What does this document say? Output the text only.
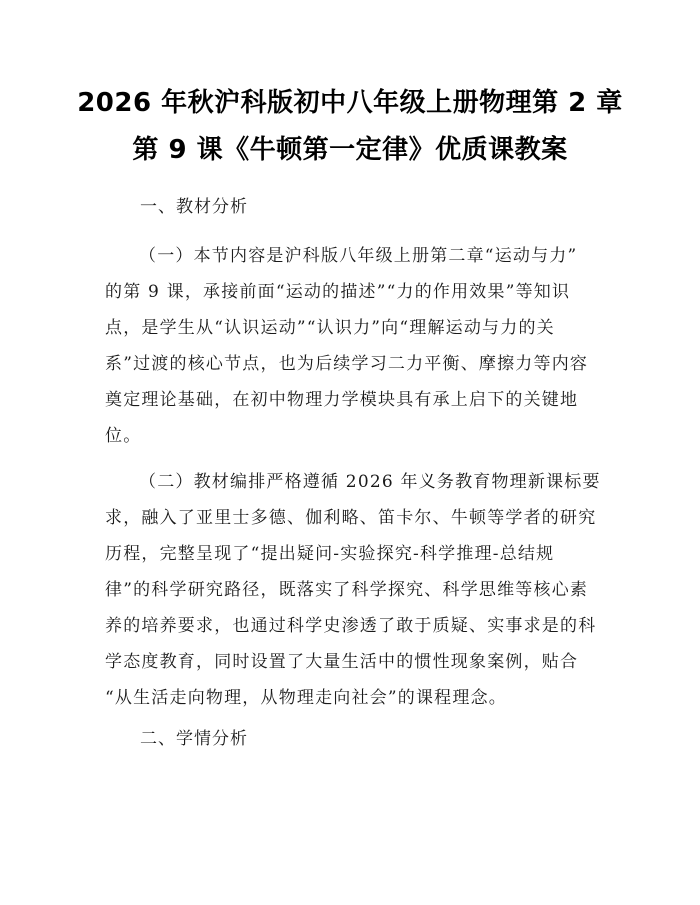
2026 年秋沪科版初中八年级上册物理第 2 章
第 9 课《牛顿第一定律》优质课教案
一、教材分析
（一）本节内容是沪科版八年级上册第二章“运动与力”
的第 9 课，承接前面“运动的描述”“力的作用效果”等知识
点，是学生从“认识运动”“认识力”向“理解运动与力的关
系”过渡的核心节点，也为后续学习二力平衡、摩擦力等内容
奠定理论基础，在初中物理力学模块具有承上启下的关键地
位。
（二）教材编排严格遵循 2026 年义务教育物理新课标要
求，融入了亚里士多德、伽利略、笛卡尔、牛顿等学者的研究
历程，完整呈现了“提出疑问-实验探究-科学推理-总结规
律”的科学研究路径，既落实了科学探究、科学思维等核心素
养的培养要求，也通过科学史渗透了敢于质疑、实事求是的科
学态度教育，同时设置了大量生活中的惯性现象案例，贴合
“从生活走向物理，从物理走向社会”的课程理念。
二、学情分析
